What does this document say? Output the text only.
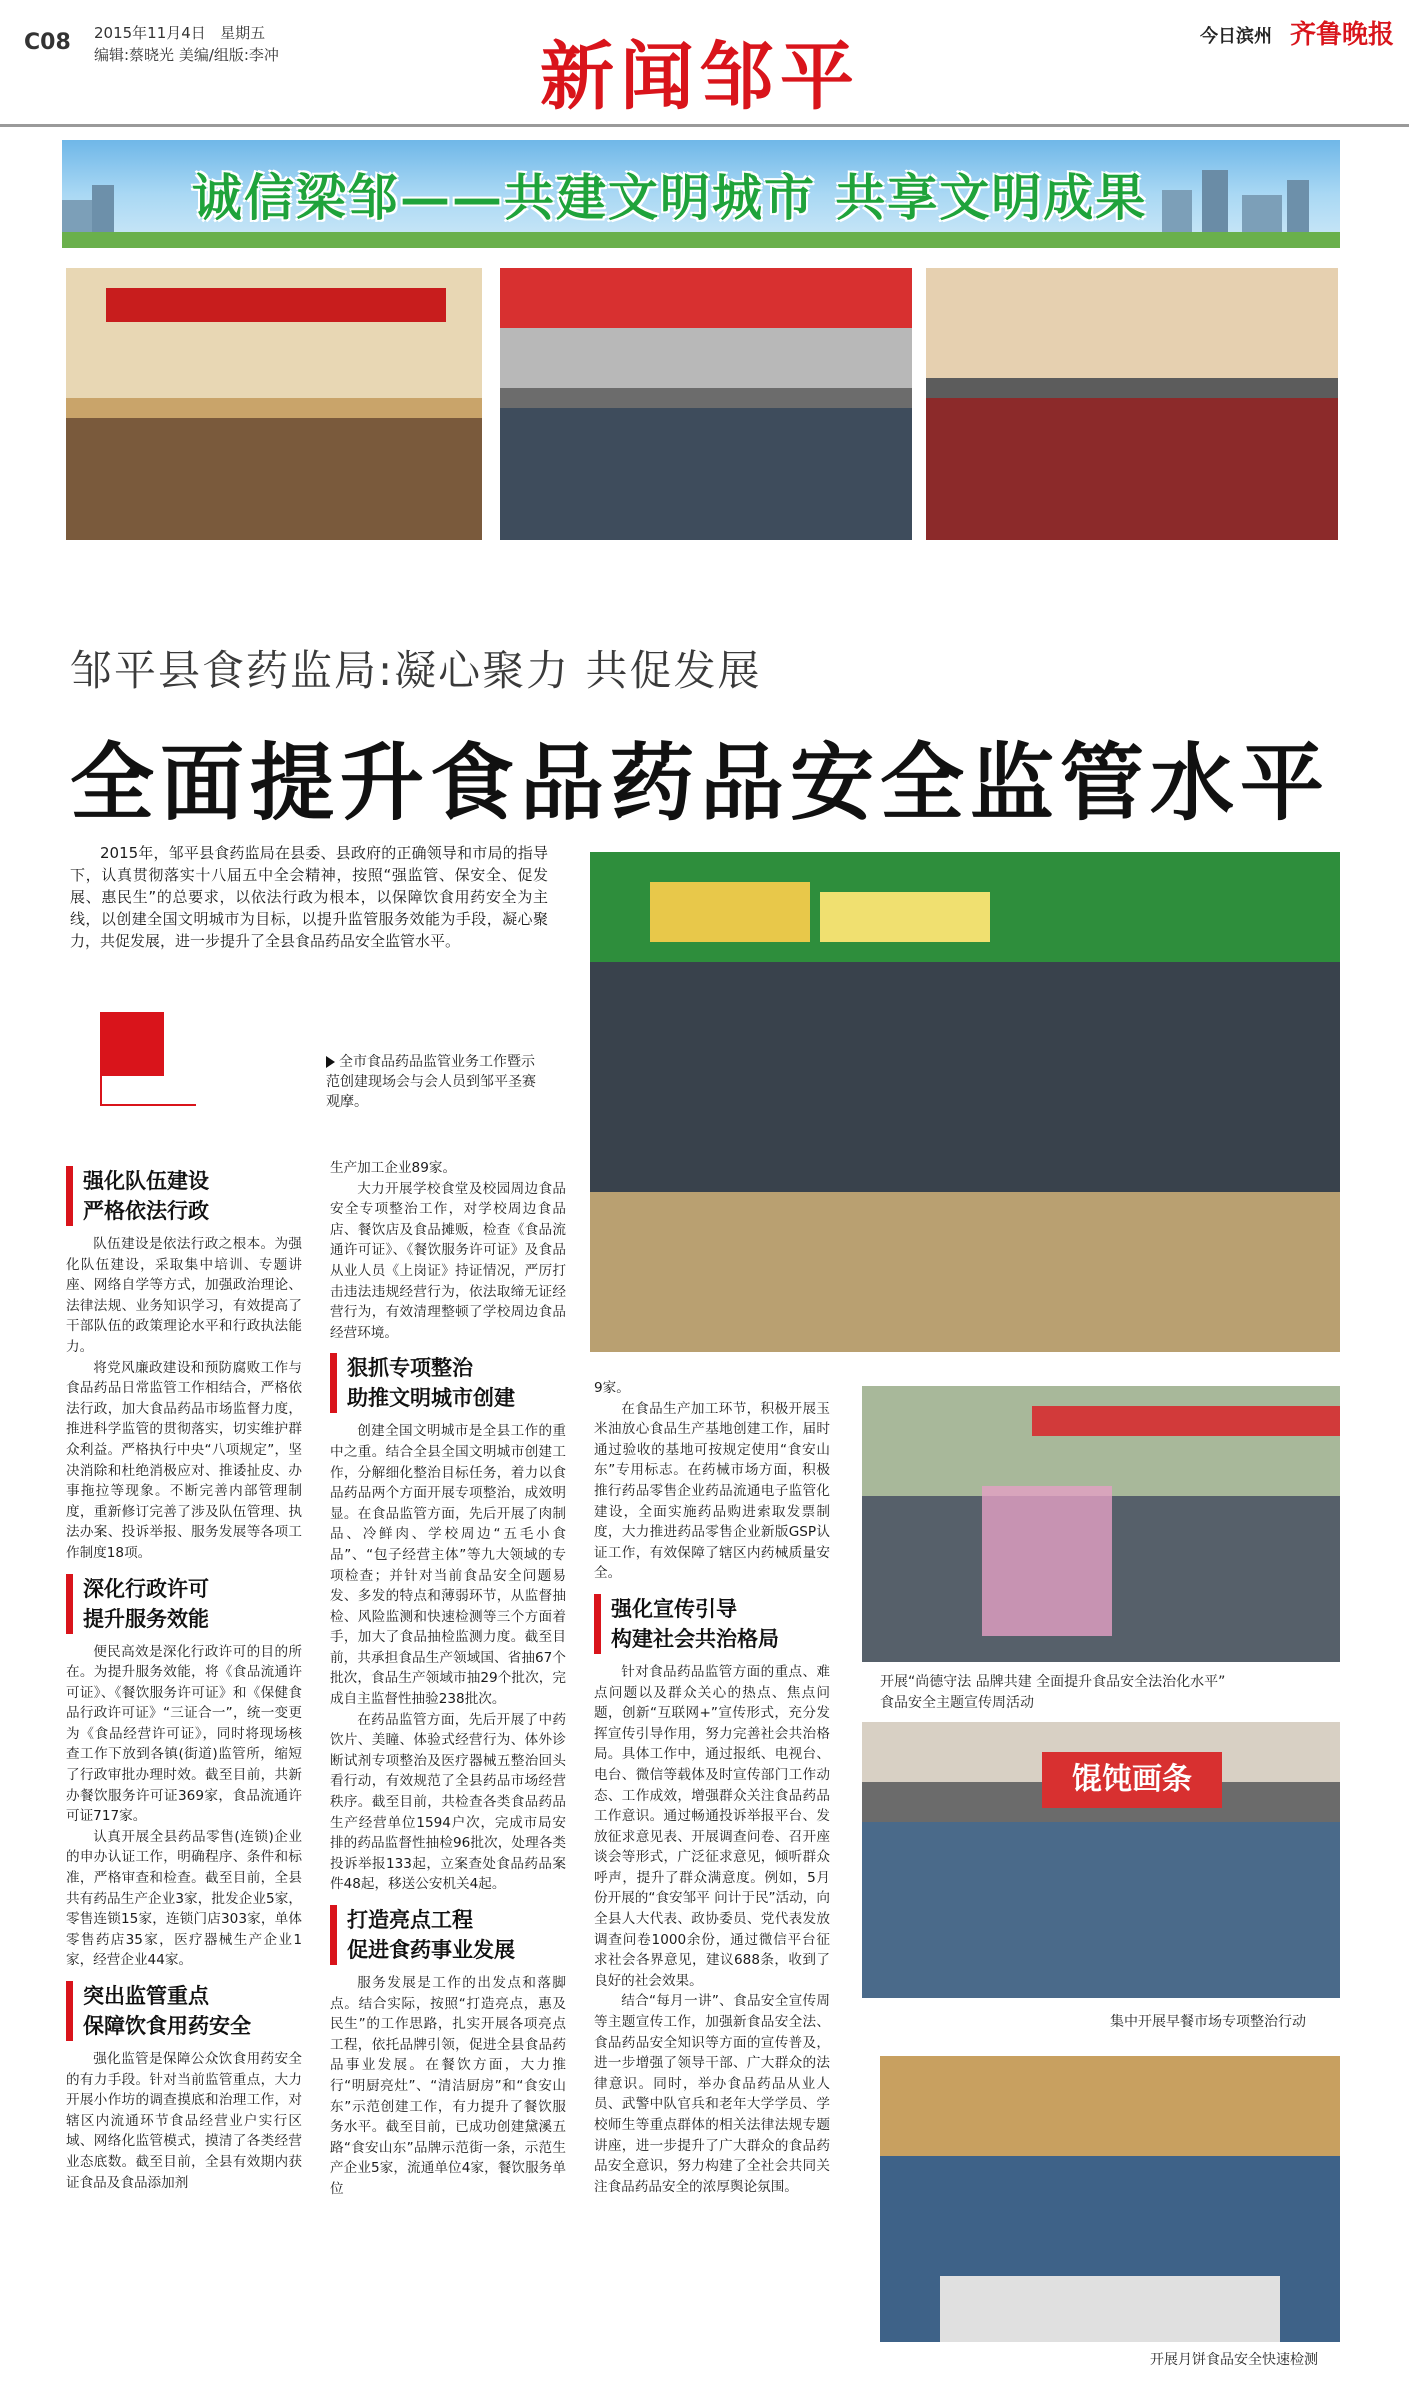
C08 2015年11月4日 星期五
编辑:蔡晓光 美编/组版:李冲	新闻邹平	今日滨州 齐鲁晚报
诚信梁邹——共建文明城市 共享文明成果
邹平县食药监局:凝心聚力 共促发展
全面提升食品药品安全监管水平
2015年，邹平县食药监局在县委、县政府的正确领导和市局的指导下，认真贯彻落实十八届五中全会精神，按照“强监管、保安全、促发展、惠民生”的总要求，以依法行政为根本，以保障饮食用药安全为主线，以创建全国文明城市为目标，以提升监管服务效能为手段，凝心聚力，共促发展，进一步提升了全县食品药品安全监管水平。
全市食品药品监管业务工作暨示范创建现场会与会人员到邹平圣赛观摩。
强化队伍建设
严格依法行政
队伍建设是依法行政之根本。为强化队伍建设，采取集中培训、专题讲座、网络自学等方式，加强政治理论、法律法规、业务知识学习，有效提高了干部队伍的政策理论水平和行政执法能力。
将党风廉政建设和预防腐败工作与食品药品日常监管工作相结合，严格依法行政，加大食品药品市场监督力度，推进科学监管的贯彻落实，切实维护群众利益。严格执行中央“八项规定”，坚决消除和杜绝消极应对、推诿扯皮、办事拖拉等现象。不断完善内部管理制度，重新修订完善了涉及队伍管理、执法办案、投诉举报、服务发展等各项工作制度18项。
深化行政许可
提升服务效能
便民高效是深化行政许可的目的所在。为提升服务效能，将《食品流通许可证》、《餐饮服务许可证》和《保健食品行政许可证》“三证合一”，统一变更为《食品经营许可证》，同时将现场核查工作下放到各镇(街道)监管所，缩短了行政审批办理时效。截至目前，共新办餐饮服务许可证369家，食品流通许可证717家。
认真开展全县药品零售(连锁)企业的申办认证工作，明确程序、条件和标准，严格审查和检查。截至目前，全县共有药品生产企业3家，批发企业5家，零售连锁15家，连锁门店303家，单体零售药店35家，医疗器械生产企业1家，经营企业44家。
突出监管重点
保障饮食用药安全
强化监管是保障公众饮食用药安全的有力手段。针对当前监管重点，大力开展小作坊的调查摸底和治理工作，对辖区内流通环节食品经营业户实行区域、网络化监管模式，摸清了各类经营业态底数。截至目前，全县有效期内获证食品及食品添加剂
生产加工企业89家。
大力开展学校食堂及校园周边食品安全专项整治工作，对学校周边食品店、餐饮店及食品摊贩，检查《食品流通许可证》、《餐饮服务许可证》及食品从业人员《上岗证》持证情况，严厉打击违法违规经营行为，依法取缔无证经营行为，有效清理整顿了学校周边食品经营环境。
狠抓专项整治
助推文明城市创建
创建全国文明城市是全县工作的重中之重。结合全县全国文明城市创建工作，分解细化整治目标任务，着力以食品药品两个方面开展专项整治，成效明显。在食品监管方面，先后开展了肉制品、冷鲜肉、学校周边“五毛小食品”、“包子经营主体”等九大领域的专项检查；并针对当前食品安全问题易发、多发的特点和薄弱环节，从监督抽检、风险监测和快速检测等三个方面着手，加大了食品抽检监测力度。截至目前，共承担食品生产领域国、省抽67个批次，食品生产领域市抽29个批次，完成自主监督性抽验238批次。
在药品监管方面，先后开展了中药饮片、美瞳、体验式经营行为、体外诊断试剂专项整治及医疗器械五整治回头看行动，有效规范了全县药品市场经营秩序。截至目前，共检查各类食品药品生产经营单位1594户次，完成市局安排的药品监督性抽检96批次，处理各类投诉举报133起，立案查处食品药品案件48起，移送公安机关4起。
打造亮点工程
促进食药事业发展
服务发展是工作的出发点和落脚点。结合实际，按照“打造亮点，惠及民生”的工作思路，扎实开展各项亮点工程，依托品牌引领，促进全县食品药品事业发展。在餐饮方面，大力推行“明厨亮灶”、“清洁厨房”和“食安山东”示范创建工作，有力提升了餐饮服务水平。截至目前，已成功创建黛溪五路“食安山东”品牌示范街一条，示范生产企业5家，流通单位4家，餐饮服务单位
9家。
在食品生产加工环节，积极开展玉米油放心食品生产基地创建工作，届时通过验收的基地可按规定使用“食安山东”专用标志。在药械市场方面，积极推行药品零售企业药品流通电子监管化建设，全面实施药品购进索取发票制度，大力推进药品零售企业新版GSP认证工作，有效保障了辖区内药械质量安全。
强化宣传引导
构建社会共治格局
针对食品药品监管方面的重点、难点问题以及群众关心的热点、焦点问题，创新“互联网+”宣传形式，充分发挥宣传引导作用，努力完善社会共治格局。具体工作中，通过报纸、电视台、电台、微信等载体及时宣传部门工作动态、工作成效，增强群众关注食品药品工作意识。通过畅通投诉举报平台、发放征求意见表、开展调查问卷、召开座谈会等形式，广泛征求意见，倾听群众呼声，提升了群众满意度。例如，5月份开展的“食安邹平 问计于民”活动，向全县人大代表、政协委员、党代表发放调查问卷1000余份，通过微信平台征求社会各界意见，建议688条，收到了良好的社会效果。
结合“每月一讲”、食品安全宣传周等主题宣传工作，加强新食品安全法、食品药品安全知识等方面的宣传普及，进一步增强了领导干部、广大群众的法律意识。同时，举办食品药品从业人员、武警中队官兵和老年大学学员、学校师生等重点群体的相关法律法规专题讲座，进一步提升了广大群众的食品药品安全意识，努力构建了全社会共同关注食品药品安全的浓厚舆论氛围。
开展“尚德守法 品牌共建 全面提升食品安全法治化水平”
食品安全主题宣传周活动
馄饨画条
集中开展早餐市场专项整治行动
开展月饼食品安全快速检测
